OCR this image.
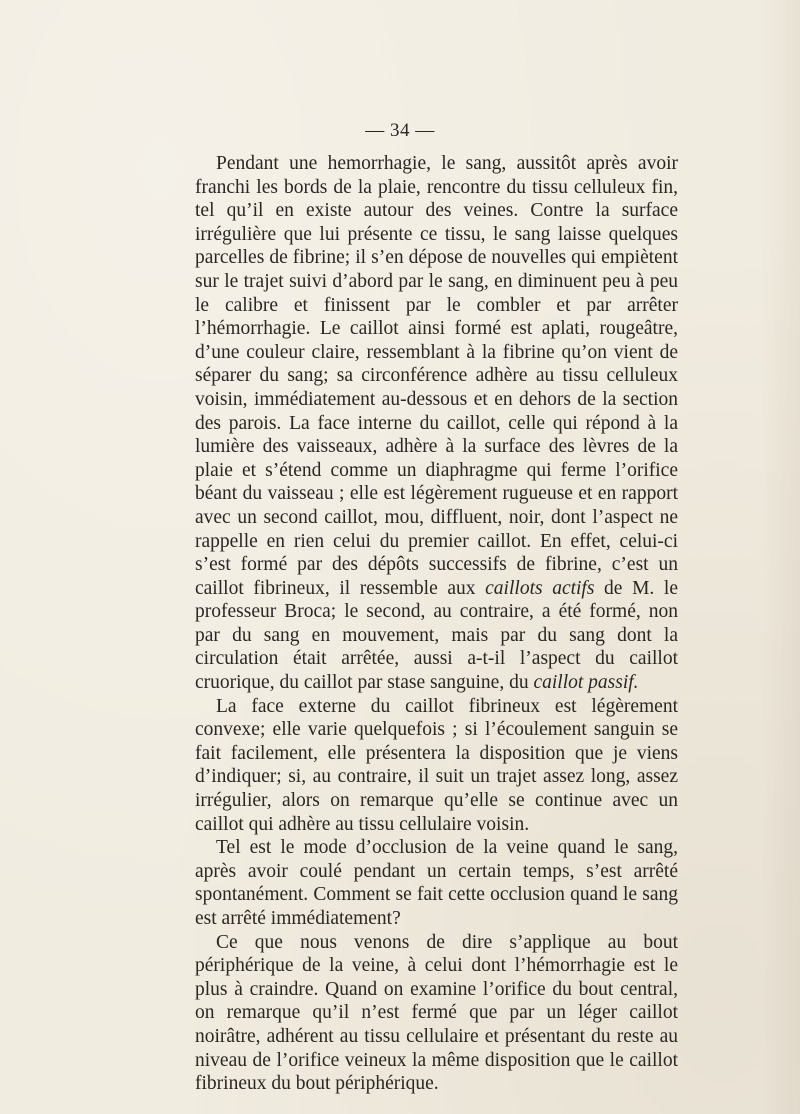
— 34 —

Pendant une hemorrhagie, le sang, aussitôt après avoir franchi les bords de la plaie, rencontre du tissu celluleux fin, tel qu’il en existe autour des veines. Contre la surface irrégulière que lui présente ce tissu, le sang laisse quelques parcelles de fibrine; il s’en dépose de nouvelles qui empiètent sur le trajet suivi d’abord par le sang, en diminuent peu à peu le calibre et finissent par le combler et par arrêter l’hémorrhagie. Le caillot ainsi formé est aplati, rougeâtre, d’une couleur claire, ressemblant à la fibrine qu’on vient de séparer du sang; sa circonférence adhère au tissu celluleux voisin, immédiatement au-dessous et en dehors de la section des parois. La face interne du caillot, celle qui répond à la lumière des vaisseaux, adhère à la surface des lèvres de la plaie et s’étend comme un diaphragme qui ferme l’orifice béant du vaisseau ; elle est légèrement rugueuse et en rapport avec un second caillot, mou, diffluent, noir, dont l’aspect ne rappelle en rien celui du premier caillot. En effet, celui-ci s’est formé par des dépôts successifs de fibrine, c’est un caillot fibrineux, il ressemble aux caillots actifs de M. le professeur Broca; le second, au contraire, a été formé, non par du sang en mouvement, mais par du sang dont la circulation était arrêtée, aussi a-t-il l’aspect du caillot cruorique, du caillot par stase sanguine, du caillot passif.

La face externe du caillot fibrineux est légèrement convexe; elle varie quelquefois ; si l’écoulement sanguin se fait facilement, elle présentera la disposition que je viens d’indiquer; si, au contraire, il suit un trajet assez long, assez irrégulier, alors on remarque qu’elle se continue avec un caillot qui adhère au tissu cellulaire voisin.

Tel est le mode d’occlusion de la veine quand le sang, après avoir coulé pendant un certain temps, s’est arrêté spontanément. Comment se fait cette occlusion quand le sang est arrêté immédiatement?

Ce que nous venons de dire s’applique au bout périphérique de la veine, à celui dont l’hémorrhagie est le plus à craindre. Quand on examine l’orifice du bout central, on remarque qu’il n’est fermé que par un léger caillot noirâtre, adhérent au tissu cellulaire et présentant du reste au niveau de l’orifice veineux la même disposition que le caillot fibrineux du bout périphérique.
